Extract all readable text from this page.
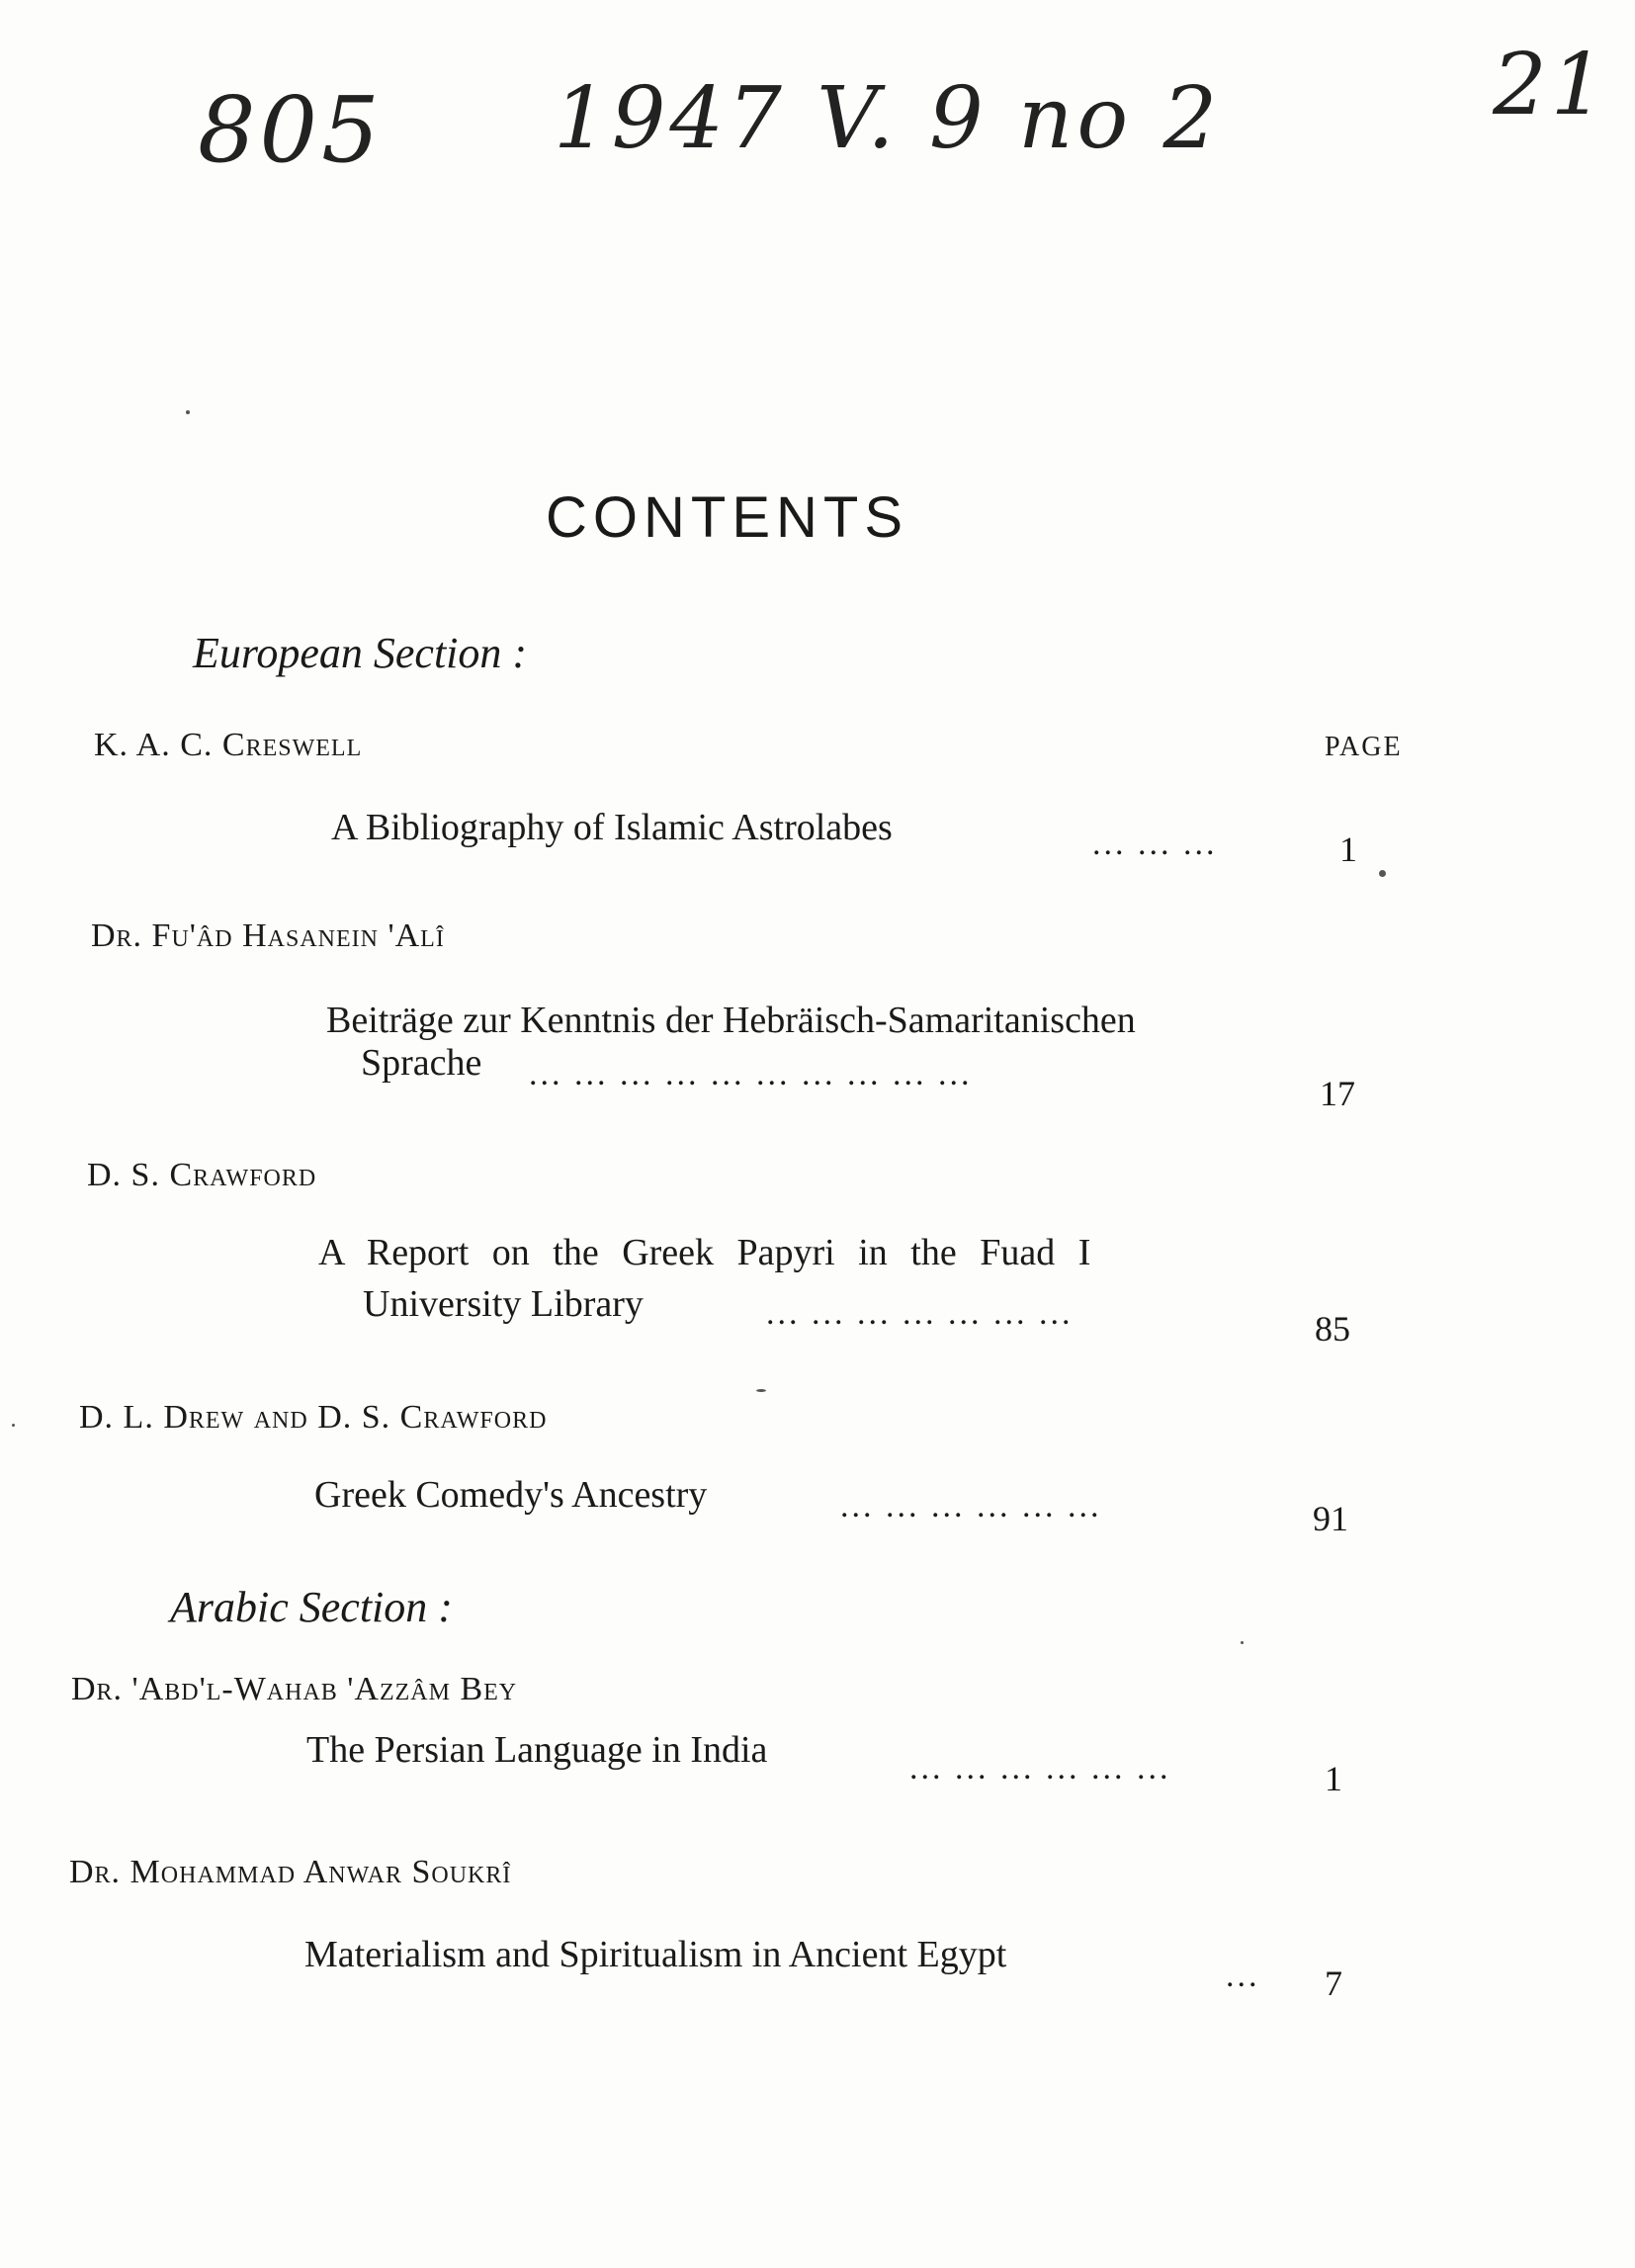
805 1947 V. 9 no 2	21
CONTENTS
European Section :
PAGE
K. A. C. Creswell
A Bibliography of Islamic Astrolabes	... ... ...	1
Dr. Fu'âd Hasanein 'Alî
Beiträge zur Kenntnis der Hebräisch-Samaritanischen
Sprache ... ... ... ... ... ... ... ... ... ...	17
D. S. Crawford
A Report on the Greek Papyri in the Fuad I
University Library	... ... ... ... ... ... ...	85
D. L. Drew and D. S. Crawford
Greek Comedy's Ancestry	... ... ... ... ... ...	91
Arabic Section :
Dr. 'Abd'l-Wahab 'Azzâm Bey
The Persian Language in India	... ... ... ... ... ...	1
Dr. Mohammad Anwar Soukrî
Materialism and Spiritualism in Ancient Egypt
... 7
